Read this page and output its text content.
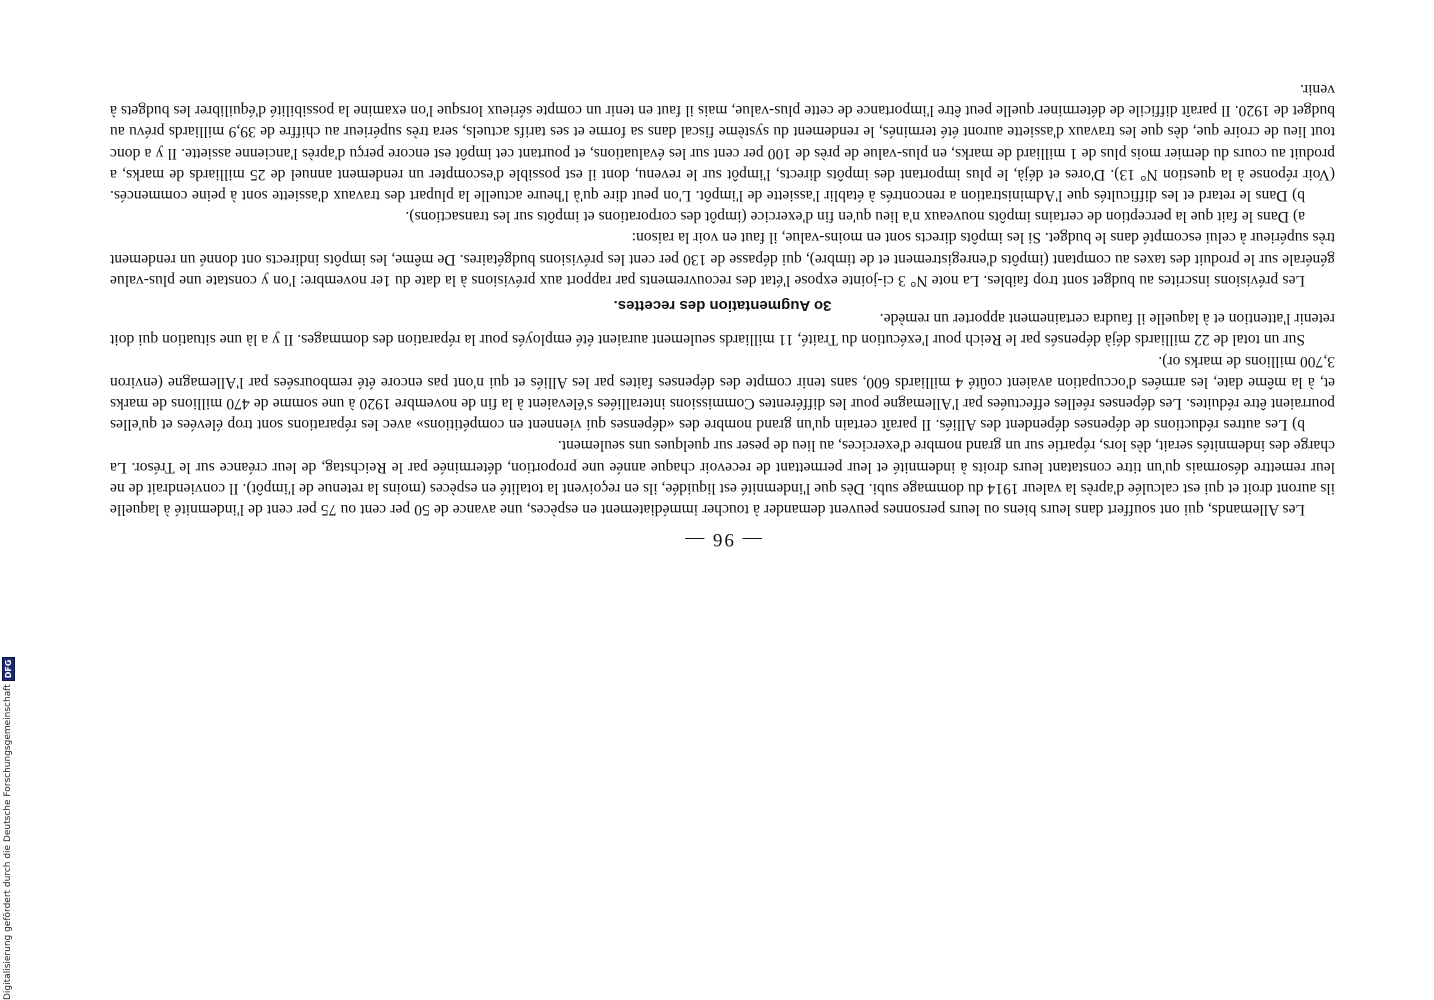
— 96 —

Les Allemands, qui ont souffert dans leurs biens ou leurs personnes peuvent demander à toucher immédiatement en espèces, une avance de 50 per cent ou 75 per cent de l'indemnité à laquelle ils auront droit et qui est calculée d'après la valeur 1914 du dommage subi. Dès que l'indemnité est liquidée, ils en reçoivent la totalité en espèces (moins la retenue de l'impôt). Il conviendrait de ne leur remettre désormais qu'un titre constatant leurs droits à indemnité et leur permettant de recevoir chaque année une proportion, déterminée par le Reichstag, de leur créance sur le Trésor. La charge des indemnités serait, dès lors, répartie sur un grand nombre d'exercices, au lieu de peser sur quelques uns seulement.

b) Les autres réductions de dépenses dépendent des Alliés. Il paraît certain qu'un grand nombre des «dépenses qui viennent en compétitions» avec les réparations sont trop élevées et qu'elles pourraient être réduites. Les dépenses réelles effectuées par l'Allemagne pour les différentes Commissions interalliées s'élevaient à la fin de novembre 1920 à une somme de 470 millions de marks et, à la même date, les armées d'occupation avaient coûté 4 milliards 600, sans tenir compte des dépenses faites par les Alliés et qui n'ont pas encore été remboursées par l'Allemagne (environ 3,700 millions de marks or).

Sur un total de 22 milliards déjà dépensés par le Reich pour l'exécution du Traité, 11 milliards seulement auraient été employés pour la réparation des dommages. Il y a là une situation qui doit retenir l'attention et à laquelle il faudra certainement apporter un remède.

3o Augmentation des recettes.

Les prévisions inscrites au budget sont trop faibles. La note N° 3 ci-jointe expose l'état des recouvrements par rapport aux prévisions à la date du 1er novembre: l'on y constate une plus-value générale sur le produit des taxes au comptant (impôts d'enregistrement et de timbre), qui dépasse de 130 per cent les prévisions budgétaires. De même, les impôts indirects ont donné un rendement très supérieur à celui escompté dans le budget. Si les impôts directs sont en moins-value, il faut en voir la raison:

a) Dans le fait que la perception de certains impôts nouveaux n'a lieu qu'en fin d'exercice (impôt des corporations et impôts sur les transactions).

b) Dans le retard et les difficultés que l'Administration a rencontrés à établir l'assiette de l'impôt. L'on peut dire qu'à l'heure actuelle la plupart des travaux d'assiette sont à peine commencés. (Voir réponse à la question N° 13). D'ores et déjà, le plus important des impôts directs, l'impôt sur le revenu, dont il est possible d'escompter un rendement annuel de 25 milliards de marks, a produit au cours du dernier mois plus de 1 milliard de marks, en plus-value de près de 100 per cent sur les évaluations, et pourtant cet impôt est encore perçu d'après l'ancienne assiette. Il y a donc tout lieu de croire que, dès que les travaux d'assiette auront été terminés, le rendement du système fiscal dans sa forme et ses tarifs actuels, sera très supérieur au chiffre de 39,9 milliards prévu au budget de 1920. Il paraît difficile de déterminer quelle peut être l'importance de cette plus-value, mais il faut en tenir un compte sérieux lorsque l'on examine la possibilité d'équilibrer les budgets à venir.

Digitalisierung gefördert durch die Deutsche Forschungsgemeinschaft
DFG
